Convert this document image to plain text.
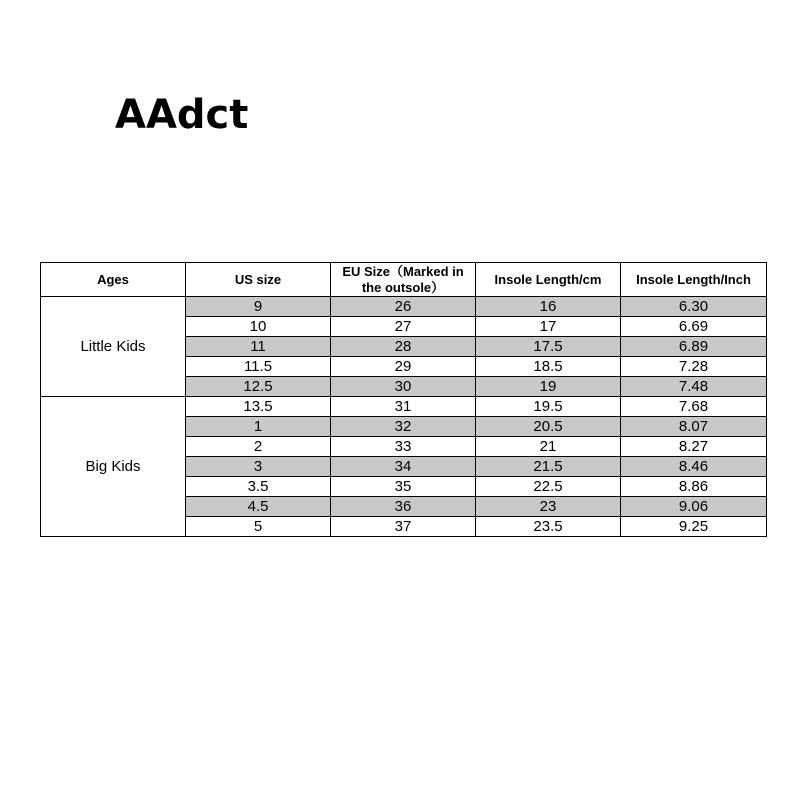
AAdct
Ages	US size	EU Size（Marked in the outsole）	Insole Length/cm	Insole Length/Inch
Little Kids	9	26	16	6.30
	10	27	17	6.69
	11	28	17.5	6.89
	11.5	29	18.5	7.28
	12.5	30	19	7.48
Big Kids	13.5	31	19.5	7.68
	1	32	20.5	8.07
	2	33	21	8.27
	3	34	21.5	8.46
	3.5	35	22.5	8.86
	4.5	36	23	9.06
	5	37	23.5	9.25
